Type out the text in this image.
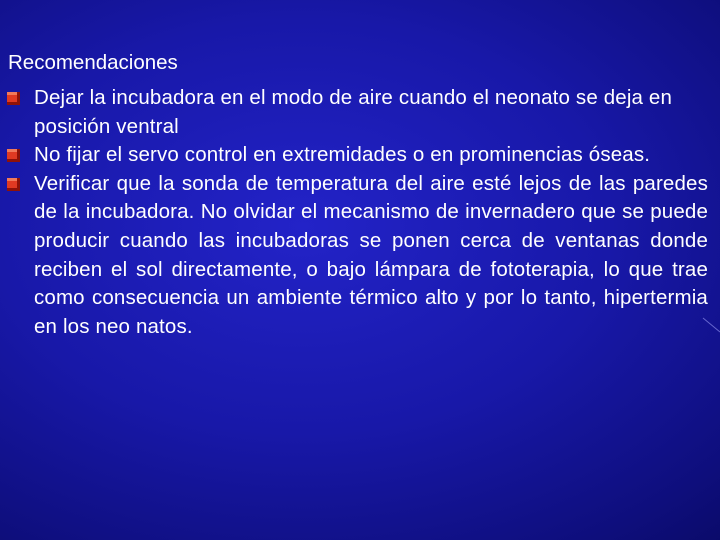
Recomendaciones
Dejar la incubadora en el modo de aire cuando el neonato se deja en posición ventral
No fijar el servo control en extremidades o en prominencias óseas.
Verificar que la sonda de temperatura del aire esté lejos de las paredes de la incubadora. No olvidar el mecanismo de invernadero que se puede producir cuando las incubadoras se ponen cerca de ventanas donde reciben el sol directamente, o bajo lámpara de fototerapia, lo que trae como consecuencia un ambiente térmico alto y por lo tanto, hipertermia en los neo natos.
